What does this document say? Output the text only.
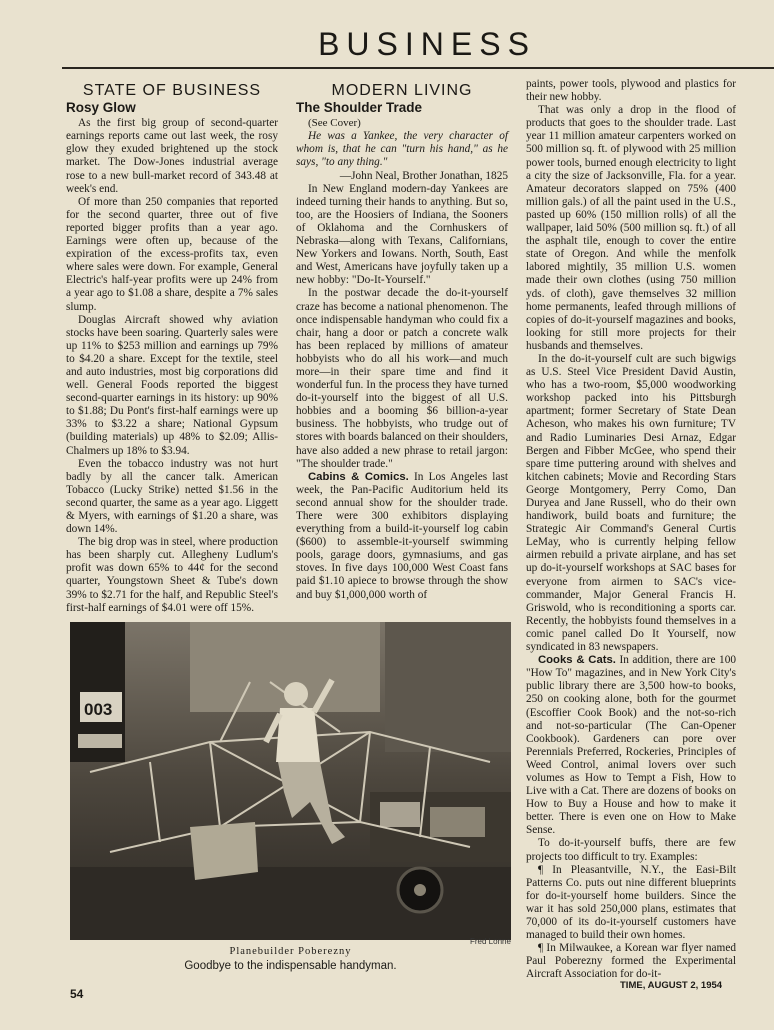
BUSINESS
STATE OF BUSINESS
Rosy Glow

As the first big group of second-quarter earnings reports came out last week, the rosy glow they exuded brightened up the stock market. The Dow-Jones industrial average rose to a new bull-market record of 343.48 at week's end.

Of more than 250 companies that reported for the second quarter, three out of five reported bigger profits than a year ago. Earnings were often up, because of the expiration of the excess-profits tax, even where sales were down. For example, General Electric's half-year profits were up 24% from a year ago to $1.08 a share, despite a 7% sales slump.

Douglas Aircraft showed why aviation stocks have been soaring. Quarterly sales were up 11% to $253 million and earnings up 79% to $4.20 a share. Except for the textile, steel and auto industries, most big corporations did well. General Foods reported the biggest second-quarter earnings in its history: up 90% to $1.88; Du Pont's first-half earnings were up 33% to $3.22 a share; National Gypsum (building materials) up 48% to $2.09; Allis-Chalmers up 18% to $3.94.

Even the tobacco industry was not hurt badly by all the cancer talk. American Tobacco (Lucky Strike) netted $1.56 in the second quarter, the same as a year ago. Liggett & Myers, with earnings of $1.20 a share, was down 14%.

The big drop was in steel, where production has been sharply cut. Allegheny Ludlum's profit was down 65% to 44¢ for the second quarter, Youngstown Sheet & Tube's down 39% to $2.71 for the half, and Republic Steel's first-half earnings of $4.01 were off 15%.

MODERN LIVING
The Shoulder Trade

(See Cover)

He was a Yankee, the very character of whom is, that he can "turn his hand," as he says, "to any thing."

—John Neal, Brother Jonathan, 1825

In New England modern-day Yankees are indeed turning their hands to anything. But so, too, are the Hoosiers of Indiana, the Sooners of Oklahoma and the Cornhuskers of Nebraska—along with Texans, Californians, New Yorkers and Iowans. North, South, East and West, Americans have joyfully taken up a new hobby: "Do-It-Yourself."

In the postwar decade the do-it-yourself craze has become a national phenomenon. The once indispensable handyman who could fix a chair, hang a door or patch a concrete walk has been replaced by millions of amateur hobbyists who do all his work—and much more—in their spare time and find it wonderful fun. In the process they have turned do-it-yourself into the biggest of all U.S. hobbies and a booming $6 billion-a-year business. The hobbyists, who trudge out of stores with boards balanced on their shoulders, have also added a new phrase to retail jargon: "The shoulder trade."

Cabins & Comics. In Los Angeles last week, the Pan-Pacific Auditorium held its second annual show for the shoulder trade. There were 300 exhibitors displaying everything from a build-it-yourself log cabin ($600) to assemble-it-yourself swimming pools, garage doors, gymnasiums, and gas stoves. In five days 100,000 West Coast fans paid $1.10 apiece to browse through the show and buy $1,000,000 worth of

paints, power tools, plywood and plastics for their new hobby.

That was only a drop in the flood of products that goes to the shoulder trade. Last year 11 million amateur carpenters worked on 500 million sq. ft. of plywood with 25 million power tools, burned enough electricity to light a city the size of Jacksonville, Fla. for a year. Amateur decorators slapped on 75% (400 million gals.) of all the paint used in the U.S., pasted up 60% (150 million rolls) of all the wallpaper, laid 50% (500 million sq. ft.) of all the asphalt tile, enough to cover the entire state of Oregon. And while the menfolk labored mightily, 35 million U.S. women made their own clothes (using 750 million yds. of cloth), gave themselves 32 million home permanents, leafed through millions of copies of do-it-yourself magazines and books, looking for still more projects for their husbands and themselves.

In the do-it-yourself cult are such bigwigs as U.S. Steel Vice President David Austin, who has a two-room, $5,000 woodworking workshop packed into his Pittsburgh apartment; former Secretary of State Dean Acheson, who makes his own furniture; TV and Radio Luminaries Desi Arnaz, Edgar Bergen and Fibber McGee, who spend their spare time puttering around with shelves and kitchen cabinets; Movie and Recording Stars George Montgomery, Perry Como, Dan Duryea and Jane Russell, who do their own handiwork, build boats and furniture; the Strategic Air Command's General Curtis LeMay, who is currently helping fellow airmen rebuild a private airplane, and has set up do-it-yourself workshops at SAC bases for everyone from airmen to SAC's vice-commander, Major General Francis H. Griswold, who is reconditioning a sports car. Recently, the hobbyists found themselves in a comic panel called Do It Yourself, now syndicated in 83 newspapers.

Cooks & Cats. In addition, there are 100 "How To" magazines, and in New York City's public library there are 3,500 how-to books, 250 on cooking alone, both for the gourmet (Escoffier Cook Book) and the not-so-rich and not-so-particular (The Can-Opener Cookbook). Gardeners can pore over Perennials Preferred, Rockeries, Principles of Weed Control, animal lovers over such volumes as How to Tempt a Fish, How to Live with a Cat. There are dozens of books on How to Buy a House and how to make it better. There is even one on How to Make Sense.

To do-it-yourself buffs, there are few projects too difficult to try. Examples:

¶ In Pleasantville, N.Y., the Easi-Bilt Patterns Co. puts out nine different blueprints for do-it-yourself home builders. Since the war it has sold 250,000 plans, estimates that 70,000 of its do-it-yourself customers have managed to build their own homes.

¶ In Milwaukee, a Korean war flyer named Paul Poberezny formed the Experimental Aircraft Association for do-it-

003
Fred Lonne
Planebuilder Poberezny
Goodbye to the indispensable handyman.
54
TIME, AUGUST 2, 1954
